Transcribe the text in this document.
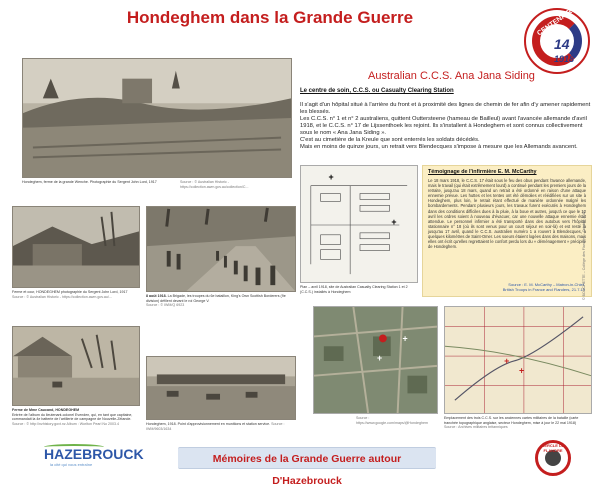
Hondeghem dans la Grande Guerre	CENTENAIRE
14
1918
Hondeghem, ferme de la grande Wenche. Photographie du Sergent John Lord, 1917	Source : © Australian Historic - https://collection.awm.gov.au/collection/C...
Ferme et cour, HONDEGHEM photographie du Sergent John Lord, 1917
Source : © Australian Historic - https://collection.awm.gov.au/...	8 août 1918. La Brigade, les troupes du 6e bataillon, King's Own Scottish Borderers (9e division) défilent devant le roi George V.
Source : © IWM/Q 6923
Ferme de Mme Caucand, HONDEGHEM
Entrée de l'album du lieutenant-colonel Evenden, qui, en tant que capitaine, commandait la 4e batterie de l'artillerie de campagne de Nouvelle-Zélande.
Source : © http://nzhistory.govt.nz Album : Worlton Pearl No 2003.4	Hondeghem, 1918. Point d'approvisionnement en munitions et station service. Source : IWM/9603/1634
Australian C.C.S. Ana Jana Siding
Le centre de soin, C.C.S. ou Casualty Clearing Station

Il s'agit d'un hôpital situé à l'arrière du front et à proximité des lignes de chemin de fer afin d'y amener rapidement les blessés.

Les C.C.S. n° 1 et n° 2 australiens, quittent Outtersteene (hameau de Bailleul) avant l'avancée allemande d'avril 1918, et le C.C.S. n° 17 de Lijssenthoek les rejoint. Ils s'installent à Hondeghem et sont connus collectivement sous le nom « Ana Jana Siding ».

C'est au cimetière de la Kreule que sont enterrés les soldats décédés.

Mais en moins de quinze jours, un retrait vers Blendecques s'impose à mesure que les Allemands avancent.

+
+
Plan – avril 1918, site de Australian Casualty Clearing Station 1 et 2 (C.C.S.) installés à Hondeghem
Témoignage de l'infirmière E. M. McCarthy
Le 18 mars 1918, le C.C.S. 17 était sous le feu des obus pendant l'avance allemande, mais le travail (qui était extrêmement lourd) a continué pendant les premiers jours de la retraite, jusqu'au 18 mars, quand un retrait a été ordonné en raison d'une attaque ennemie prévue. Les huttes et les tentes ont été démolies et réédifiées sur un site à Hondeghem, plus loin, le retrait étant effectué de manière ordonnée malgré les bombardements. Pendant plusieurs jours, les travaux furent exécutés à Hondeghem dans des conditions difficiles dues à la pluie, à la boue et autres, jusqu'à ce que le 12 avril les ordres soient à nouveau d'évacuer, car une nouvelle attaque ennemie était attendue. Le personnel infirmier a été transporté dans des autobus vers l'hôpital stationnaire n° 18 (où ils sont venus pour un court séjour en soir-là) et est resté là jusqu'au 17 avril, quand le C.C.S. australien numéro 1 a rouvert à Blendecques, à quelques kilomètres de Saint-Omer. Les soeurs étaient logées dans des maisons, mais elles ont écrit qu'elles regrettaient le confort perdu lors du « déménagement » précipité de Hondeghem.
Source : E. M. McCarthy – Matron-in-Chief,
British Troops in France and Flanders, 21.7.19
+
+
Source : https://www.google.com/maps/@Hondeghem
+
+
Emplacement des trois C.C.S. sur les anciennes cartes militaires de la bataille (carte tranchée topographique anglaise, secteur Hondeghem, mise à jour le 22 mai 1918)
Source : Archives militaires britanniques
HAZEBROUCK
la cité qui vous entraîne	Mémoires de la Grande Guerre autour D'Hazebrouck
CERCLE DE FLANDRE
© BOUCHETTE – Collège des Flandres – Octobre 2018
